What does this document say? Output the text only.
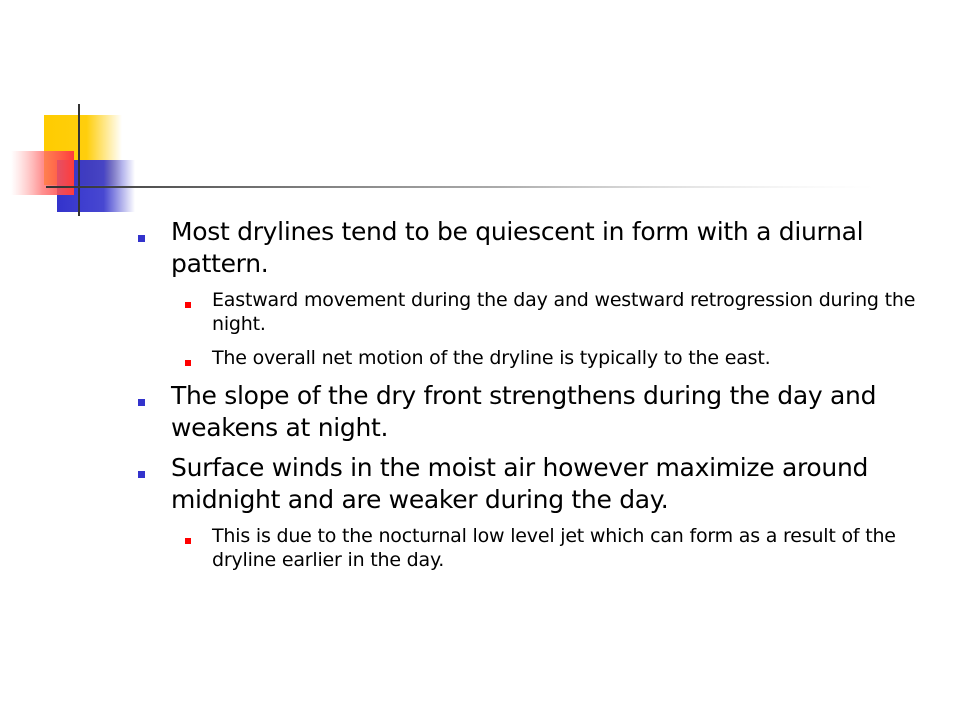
Most drylines tend to be quiescent in form with a diurnal pattern.
Eastward movement during the day and westward retrogression during the night.
The overall net motion of the dryline is typically to the east.
The slope of the dry front strengthens during the day and weakens at night.
Surface winds in the moist air however maximize around midnight and are weaker during the day.
This is due to the nocturnal low level jet which can form as a result of the dryline earlier in the day.
